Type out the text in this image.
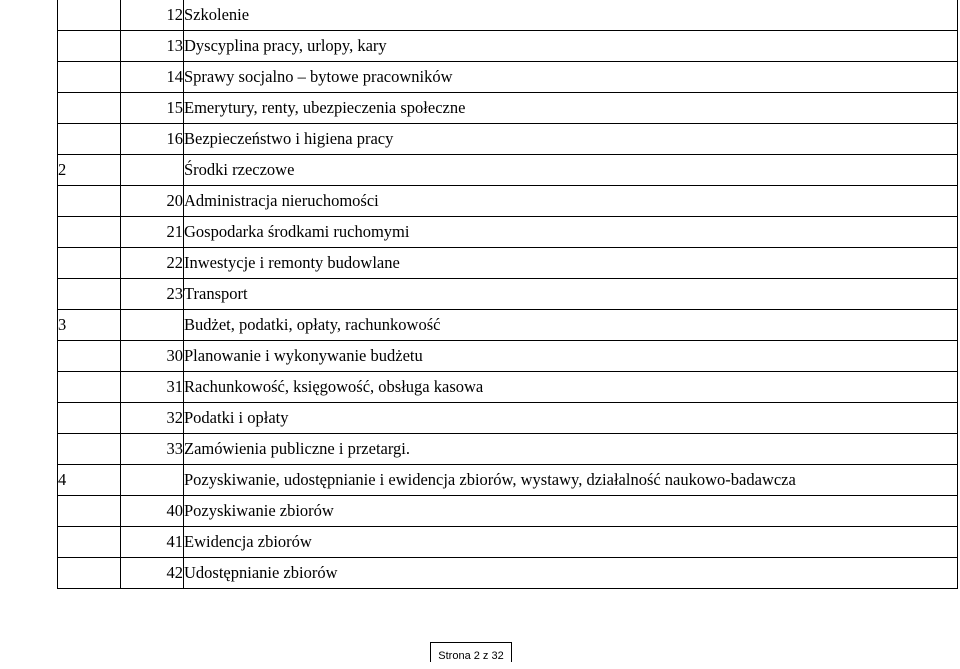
	12	Szkolenie
	13	Dyscyplina pracy, urlopy, kary
	14	Sprawy socjalno – bytowe pracowników
	15	Emerytury, renty, ubezpieczenia społeczne
	16	Bezpieczeństwo i higiena pracy
2		Środki rzeczowe
	20	Administracja nieruchomości
	21	Gospodarka środkami ruchomymi
	22	Inwestycje i remonty budowlane
	23	Transport
3		Budżet, podatki, opłaty, rachunkowość
	30	Planowanie i wykonywanie budżetu
	31	Rachunkowość, księgowość, obsługa kasowa
	32	Podatki i opłaty
	33	Zamówienia publiczne i przetargi.
4		Pozyskiwanie, udostępnianie i ewidencja zbiorów, wystawy, działalność naukowo-badawcza
	40	Pozyskiwanie zbiorów
	41	Ewidencja zbiorów
	42	Udostępnianie zbiorów
Strona 2 z 32
